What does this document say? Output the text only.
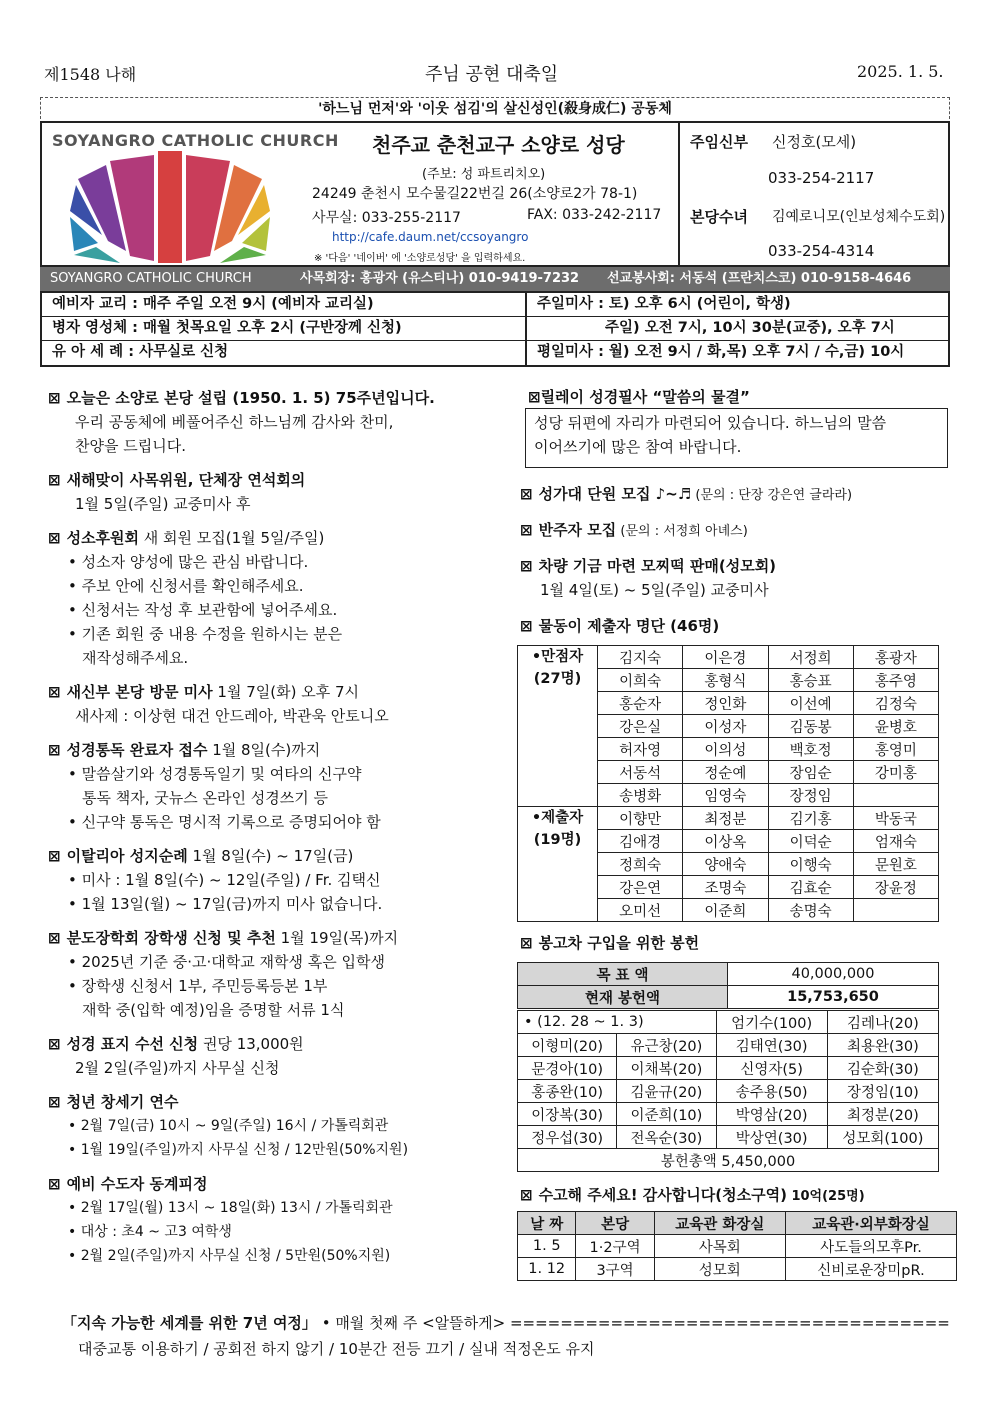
제1548 나해	주님 공현 대축일	2025. 1. 5.
'하느님 먼저'와 '이웃 섬김'의 살신성인(殺身成仁) 공동체
SOYANGRO CATHOLIC CHURCH 천주교 춘천교구 소양로 성당
(주보: 성 파트리치오)
24249 춘천시 모수물길22번길 26(소양로2가 78-1)
사무실: 033-255-2117	FAX: 033-242-2117
http://cafe.daum.net/ccsoyangro
※ '다음' '네이버' 에 '소양로성당' 을 입력하세요.
주임신부 신정호(모세)
033-254-2117
본당수녀 김예로니모(인보성체수도회)
033-254-4314
SOYANGRO CATHOLIC CHURCH	사목회장: 홍광자 (유스티나) 010-9419-7232 선교봉사회: 서동석 (프란치스코) 010-9158-4646
예비자 교리 : 매주 주일 오전 9시 (예비자 교리실)	주일미사 : 토) 오후 6시 (어린이, 학생)
병자 영성체 : 매월 첫목요일 오후 2시 (구반장께 신청)	주일) 오전 7시, 10시 30분(교중), 오후 7시
유 아 세 례 : 사무실로 신청	평일미사 : 월) 오전 9시 / 화,목) 오후 7시 / 수,금) 10시
⊠ 오늘은 소양로 본당 설립 (1950. 1. 5) 75주년입니다.
우리 공동체에 베풀어주신 하느님께 감사와 찬미,
찬양을 드립니다.
⊠ 새해맞이 사목위원, 단체장 연석회의
1월 5일(주일) 교중미사 후
⊠ 성소후원회 새 회원 모집(1월 5일/주일)
• 성소자 양성에 많은 관심 바랍니다.
• 주보 안에 신청서를 확인해주세요.
• 신청서는 작성 후 보관함에 넣어주세요.
• 기존 회원 중 내용 수정을 원하시는 분은
재작성해주세요.
⊠ 새신부 본당 방문 미사 1월 7일(화) 오후 7시
새사제 : 이상현 대건 안드레아, 박관욱 안토니오
⊠ 성경통독 완료자 접수 1월 8일(수)까지
• 말씀살기와 성경통독일기 및 여타의 신구약
통독 책자, 굿뉴스 온라인 성경쓰기 등
• 신구약 통독은 명시적 기록으로 증명되어야 함
⊠ 이탈리아 성지순례 1월 8일(수) ~ 17일(금)
• 미사 : 1월 8일(수) ~ 12일(주일) / Fr. 김택신
• 1월 13일(월) ~ 17일(금)까지 미사 없습니다.
⊠ 분도장학회 장학생 신청 및 추천 1월 19일(목)까지
• 2025년 기준 중·고·대학교 재학생 혹은 입학생
• 장학생 신청서 1부, 주민등록등본 1부
재학 중(입학 예정)임을 증명할 서류 1식
⊠ 성경 표지 수선 신청 권당 13,000원
2월 2일(주일)까지 사무실 신청
⊠ 청년 창세기 연수
• 2월 7일(금) 10시 ~ 9일(주일) 16시 / 가톨릭회관
• 1월 19일(주일)까지 사무실 신청 / 12만원(50%지원)
⊠ 예비 수도자 동계피정
• 2월 17일(월) 13시 ~ 18일(화) 13시 / 가톨릭회관
• 대상 : 초4 ~ 고3 여학생
• 2월 2일(주일)까지 사무실 신청 / 5만원(50%지원)
성당 뒤편에 자리가 마련되어 있습니다. 하느님의 말씀
이어쓰기에 많은 참여 바랍니다.
⊠릴레이 성경필사 “말씀의 물결”
⊠ 성가대 단원 모집 ♪~♬ (문의 : 단장 강은연 글라라)
⊠ 반주자 모집 (문의 : 서정희 아녜스)
⊠ 차량 기금 마련 모찌떡 판매(성모회)
1월 4일(토) ~ 5일(주일) 교중미사
⊠ 물동이 제출자 명단 (46명)
•만점자
(27명)	김지숙	이은경	서정희	홍광자
	이희숙	홍형식	홍승표	홍주영
	홍순자	정인화	이선예	김정숙
	강은실	이성자	김동봉	윤병호
	허자영	이의성	백호정	홍영미
	서동석	정순예	장임순	강미홍
	송병화	임영숙	장정임	

•제출자
(19명)	이향만	최정분	김기홍	박동국
	김애경	이상옥	이덕순	엄재숙
	정희숙	양애숙	이행숙	문원호
	강은연	조명숙	김효순	장윤정
	오미선	이준희	송명숙	
⊠ 봉고차 구입을 위한 봉헌
목 표 액	40,000,000
현재 봉헌액	15,753,650
• (12. 28 ~ 1. 3)		엄기수(100)	김레나(20)
이형미(20)	유근창(20)	김태연(30)	최용완(30)
문경아(10)	이채복(20)	신영자(5)	김순화(30)
홍종완(10)	김윤규(20)	송주용(50)	장정임(10)
이장복(30)	이준희(10)	박영삼(20)	최정분(20)
정우섭(30)	전옥순(30)	박상연(30)	성모회(100)
봉헌총액 5,450,000			
⊠ 수고해 주세요! 감사합니다(청소구역) 10억(25명)
날 짜	본당	교육관 화장실	교육관·외부화장실
1. 5	1·2구역	사목회	사도들의모후Pr.
1. 12	3구역	성모회	신비로운장미pR.
「지속 가능한 세계를 위한 7년 여정」 • 매월 첫째 주 <알뜰하게> ===================================
대중교통 이용하기 / 공회전 하지 않기 / 10분간 전등 끄기 / 실내 적정온도 유지
